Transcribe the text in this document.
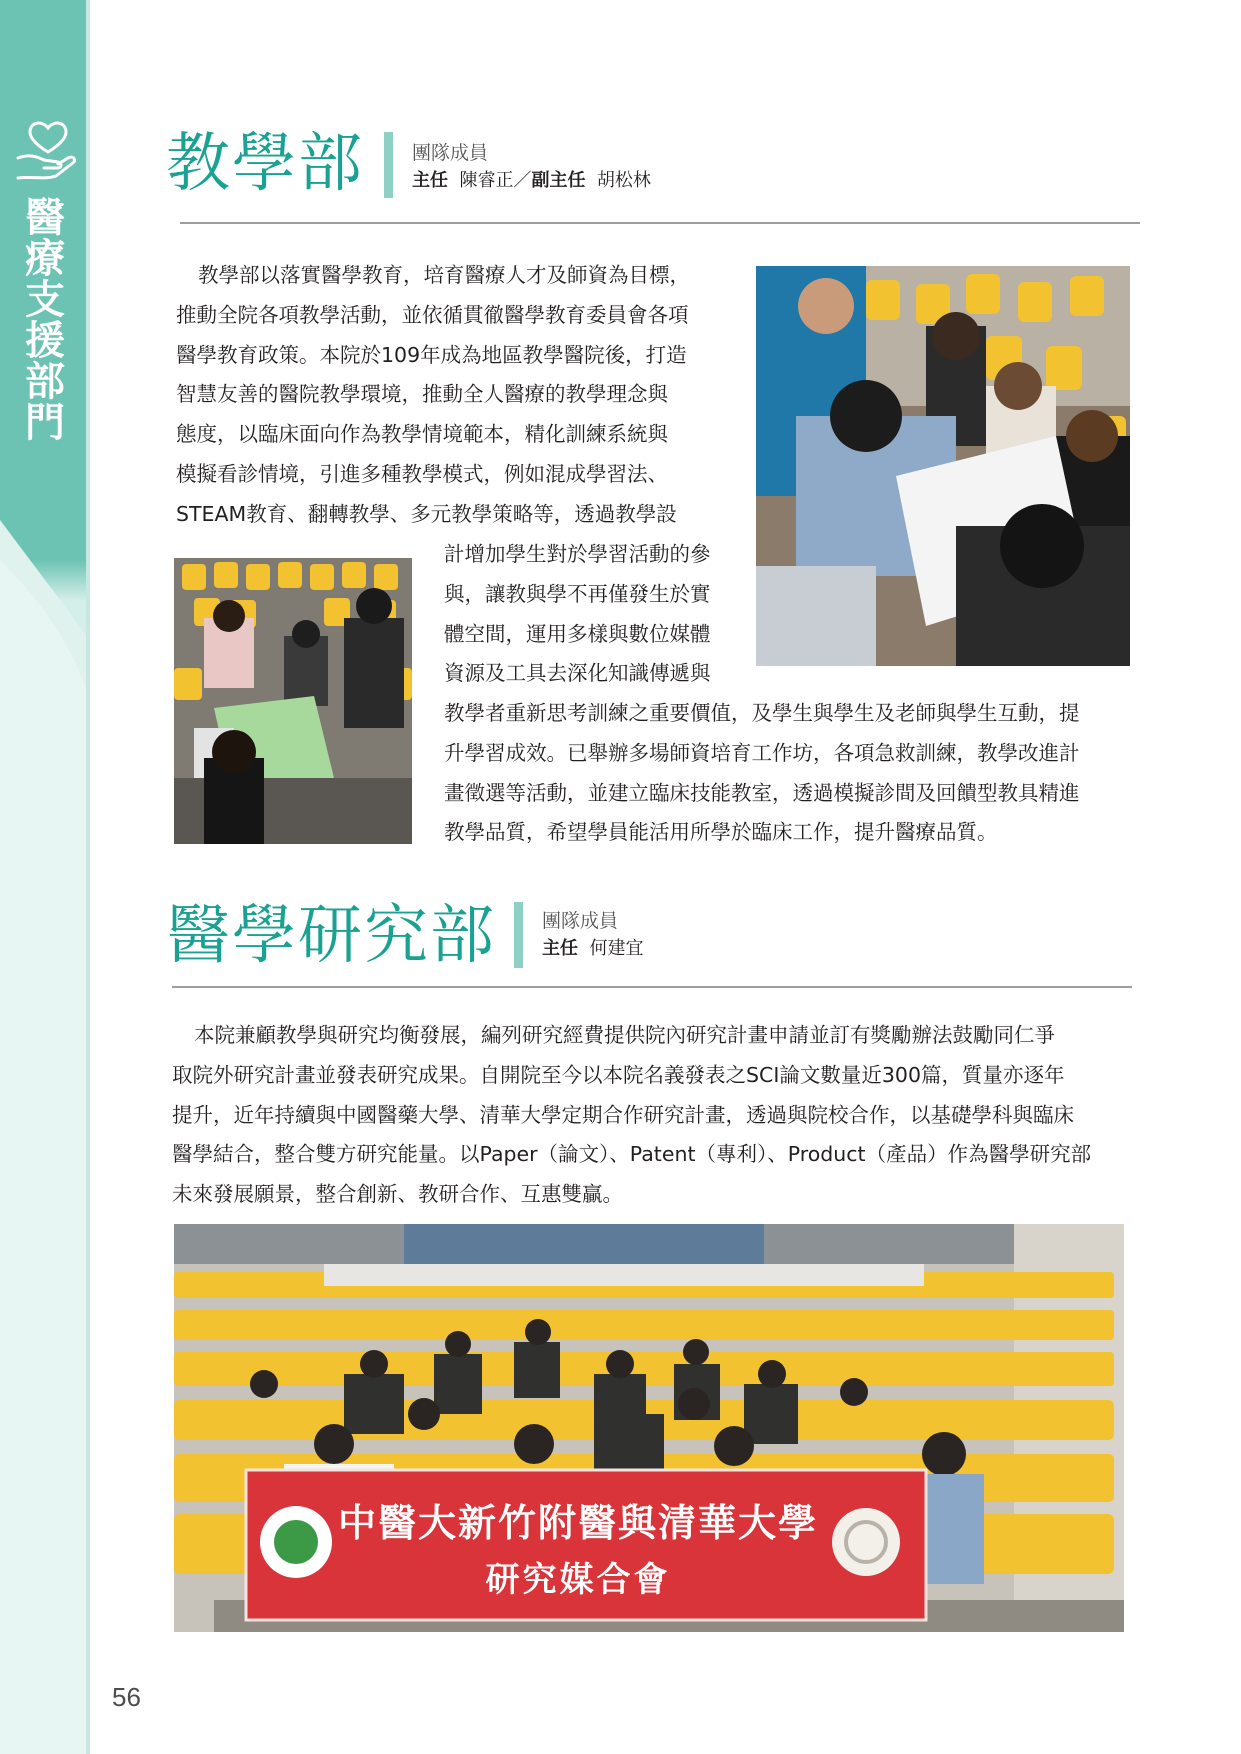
醫療支援部門
56
教學部	團隊成員
主任 陳睿正／副主任 胡松林

教學部以落實醫學教育，培育醫療人才及師資為目標，

推動全院各項教學活動，並依循貫徹醫學教育委員會各項

醫學教育政策。本院於109年成為地區教學醫院後，打造

智慧友善的醫院教學環境，推動全人醫療的教學理念與

態度，以臨床面向作為教學情境範本，精化訓練系統與

模擬看診情境，引進多種教學模式，例如混成學習法、

STEAM教育、翻轉教學、多元教學策略等，透過教學設

計增加學生對於學習活動的參

與，讓教與學不再僅發生於實

體空間，運用多樣與數位媒體

資源及工具去深化知識傳遞與

教學者重新思考訓練之重要價值，及學生與學生及老師與學生互動，提

升學習成效。已舉辦多場師資培育工作坊，各項急救訓練，教學改進計

畫徵選等活動，並建立臨床技能教室，透過模擬診間及回饋型教具精進

教學品質，希望學員能活用所學於臨床工作，提升醫療品質。

醫學研究部 團隊成員
主任 何建宜

本院兼顧教學與研究均衡發展，編列研究經費提供院內研究計畫申請並訂有獎勵辦法鼓勵同仁爭

取院外研究計畫並發表研究成果。自開院至今以本院名義發表之SCI論文數量近300篇，質量亦逐年

提升，近年持續與中國醫藥大學、清華大學定期合作研究計畫，透過與院校合作，以基礎學科與臨床

醫學結合，整合雙方研究能量。以Paper（論文）、Patent（專利）、Product（產品）作為醫學研究部

未來發展願景，整合創新、教研合作、互惠雙贏。

中醫大新竹附醫與清華大學
研究媒合會
